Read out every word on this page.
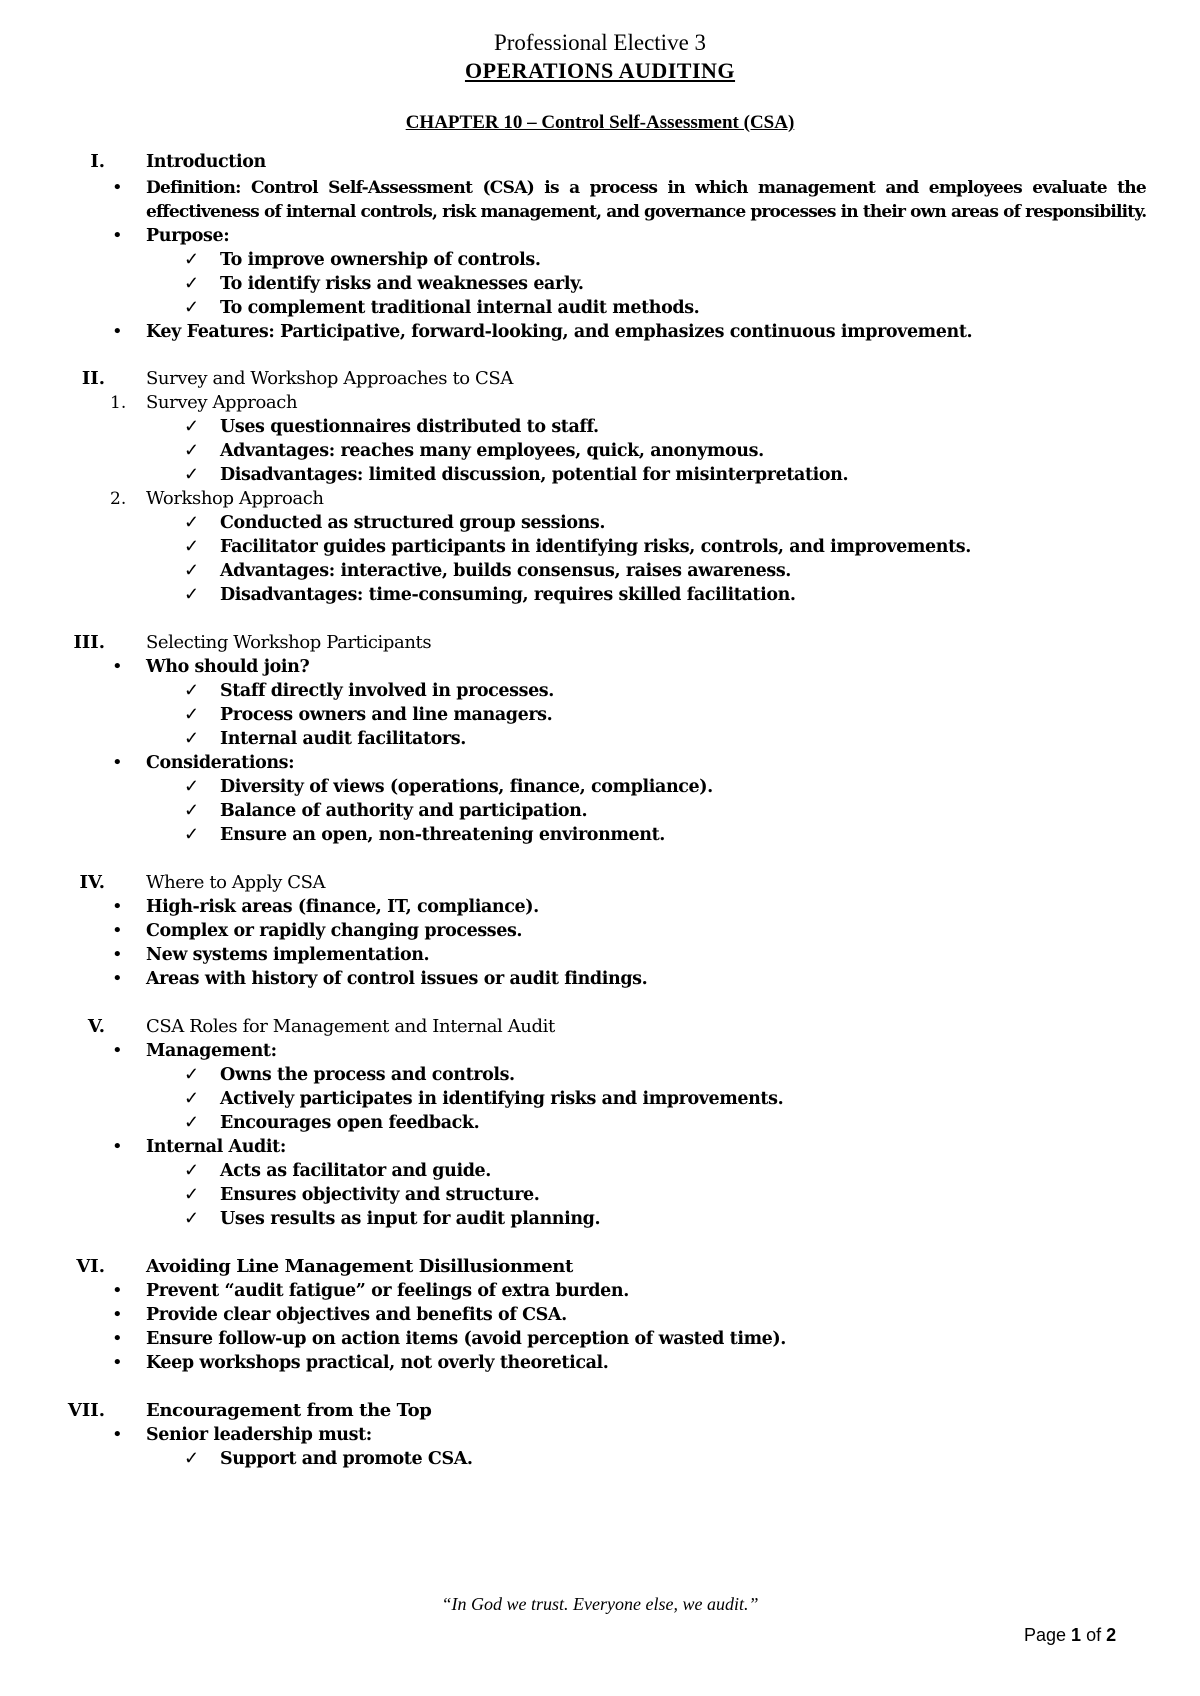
Professional Elective 3
OPERATIONS AUDITING
CHAPTER 10 – Control Self-Assessment (CSA)
I. Introduction
• Definition: Control Self-Assessment (CSA) is a process in which management and employees evaluate the
effectiveness of internal controls, risk management, and governance processes in their own areas of responsibility.
• Purpose:
✓ To improve ownership of controls.
✓ To identify risks and weaknesses early.
✓ To complement traditional internal audit methods.
• Key Features: Participative, forward-looking, and emphasizes continuous improvement.
II. Survey and Workshop Approaches to CSA
1. Survey Approach
✓ Uses questionnaires distributed to staff.
✓ Advantages: reaches many employees, quick, anonymous.
✓ Disadvantages: limited discussion, potential for misinterpretation.
2. Workshop Approach
✓ Conducted as structured group sessions.
✓ Facilitator guides participants in identifying risks, controls, and improvements.
✓ Advantages: interactive, builds consensus, raises awareness.
✓ Disadvantages: time-consuming, requires skilled facilitation.
III. Selecting Workshop Participants
• Who should join?
✓ Staff directly involved in processes.
✓ Process owners and line managers.
✓ Internal audit facilitators.
• Considerations:
✓ Diversity of views (operations, finance, compliance).
✓ Balance of authority and participation.
✓ Ensure an open, non-threatening environment.
IV. Where to Apply CSA
• High-risk areas (finance, IT, compliance).
• Complex or rapidly changing processes.
• New systems implementation.
• Areas with history of control issues or audit findings.
V. CSA Roles for Management and Internal Audit
• Management:
✓ Owns the process and controls.
✓ Actively participates in identifying risks and improvements.
✓ Encourages open feedback.
• Internal Audit:
✓ Acts as facilitator and guide.
✓ Ensures objectivity and structure.
✓ Uses results as input for audit planning.
VI. Avoiding Line Management Disillusionment
• Prevent “audit fatigue” or feelings of extra burden.
• Provide clear objectives and benefits of CSA.
• Ensure follow-up on action items (avoid perception of wasted time).
• Keep workshops practical, not overly theoretical.
VII. Encouragement from the Top
• Senior leadership must:
✓ Support and promote CSA.
“In God we trust. Everyone else, we audit.”
Page 1 of 2
